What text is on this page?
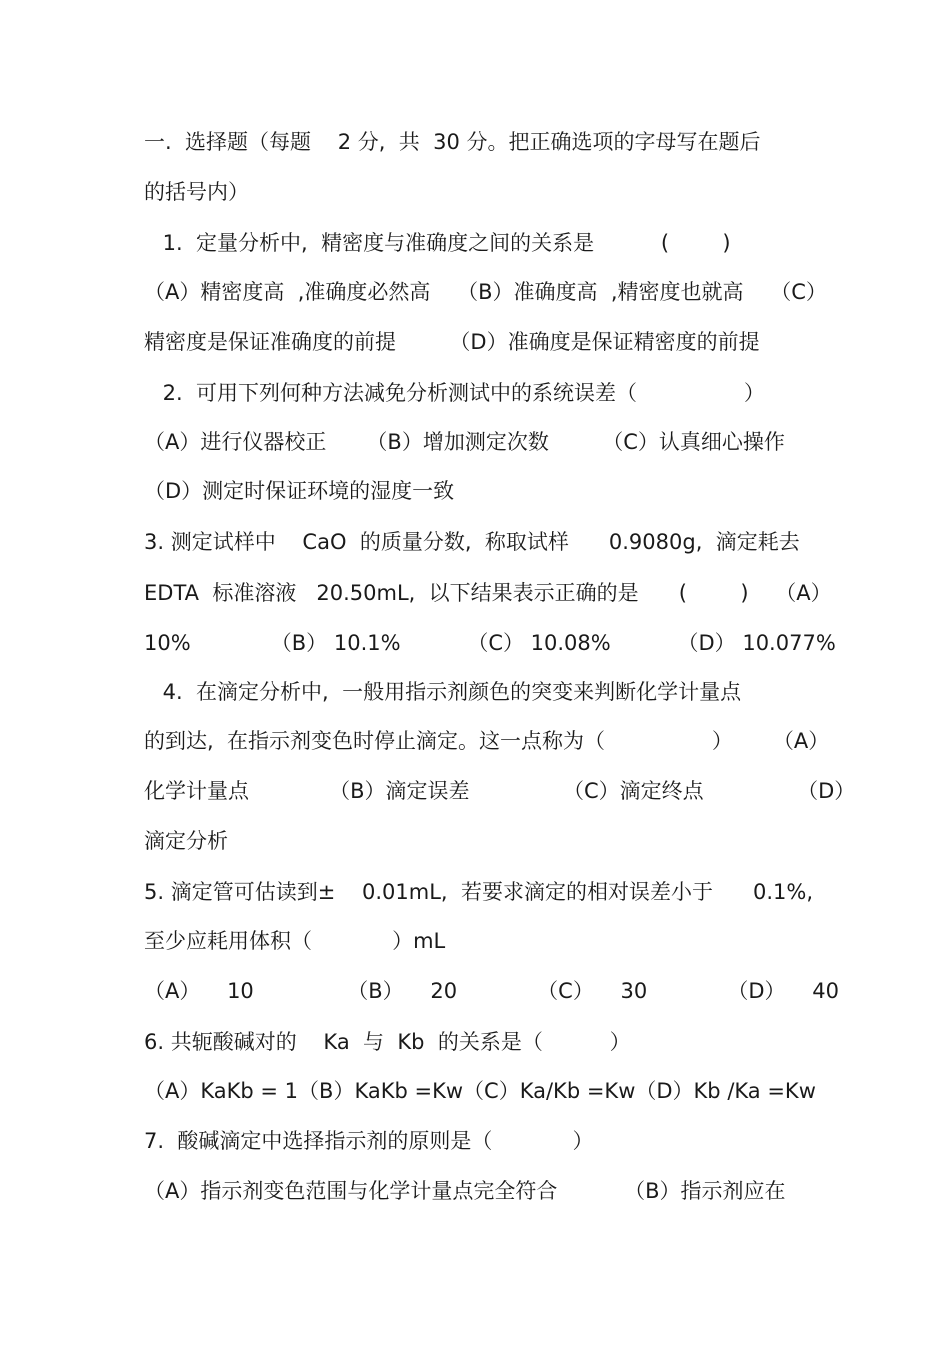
一.  选择题（每题    2 分,  共  30 分。把正确选项的字母写在题后
的括号内）
1.  定量分析中,  精密度与准确度之间的关系是          (        )
（A）精密度高  ,准确度必然高    （B）准确度高  ,精密度也就高    （C）
精密度是保证准确度的前提        （D）准确度是保证精密度的前提
2.  可用下列何种方法减免分析测试中的系统误差（                ）
（A）进行仪器校正      （B）增加测定次数        （C）认真细心操作
（D）测定时保证环境的湿度一致
3. 测定试样中    CaO  的质量分数,  称取试样      0.9080g,  滴定耗去
EDTA  标准溶液   20.50mL,  以下结果表示正确的是      (        )    （A）
10%            （B） 10.1%          （C） 10.08%          （D） 10.077%
4.  在滴定分析中,  一般用指示剂颜色的突变来判断化学计量点
的到达,  在指示剂变色时停止滴定。这一点称为（                ）      （A）
化学计量点            （B）滴定误差              （C）滴定终点              （D）
滴定分析
5. 滴定管可估读到±    0.01mL,  若要求滴定的相对误差小于      0.1%,
至少应耗用体积（            ）mL
（A）    10              （B）    20            （C）    30            （D）    40
6. 共轭酸碱对的    Ka  与  Kb  的关系是（          ）
（A）KaKb = 1（B）KaKb =Kw（C）Ka/Kb =Kw（D）Kb /Ka =Kw
7.  酸碱滴定中选择指示剂的原则是（            ）
（A）指示剂变色范围与化学计量点完全符合          （B）指示剂应在
